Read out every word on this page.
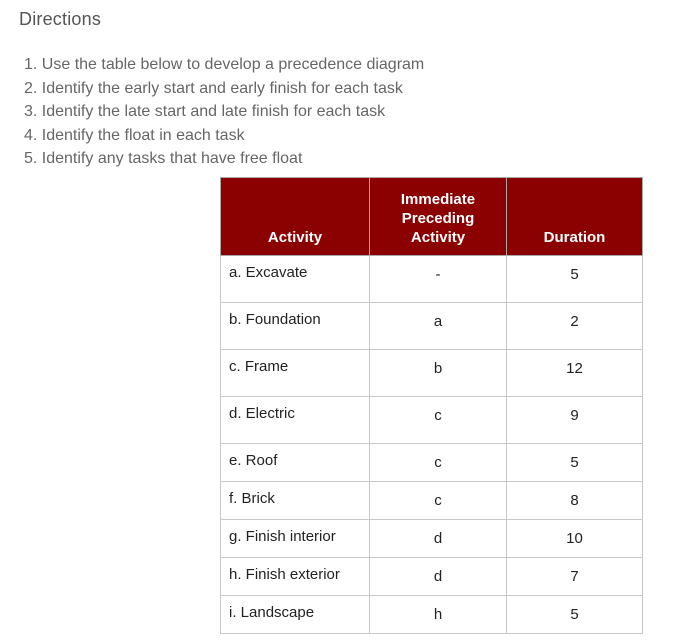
Directions
1. Use the table below to develop a precedence diagram
2. Identify the early start and early finish for each task
3. Identify the late start and late finish for each task
4. Identify the float in each task
5. Identify any tasks that have free float
Activity	Immediate Preceding Activity	Duration
a. Excavate	-	5
b. Foundation	a	2
c. Frame	b	12
d. Electric	c	9
e. Roof	c	5
f. Brick	c	8
g. Finish interior	d	10
h. Finish exterior	d	7
i. Landscape	h	5
